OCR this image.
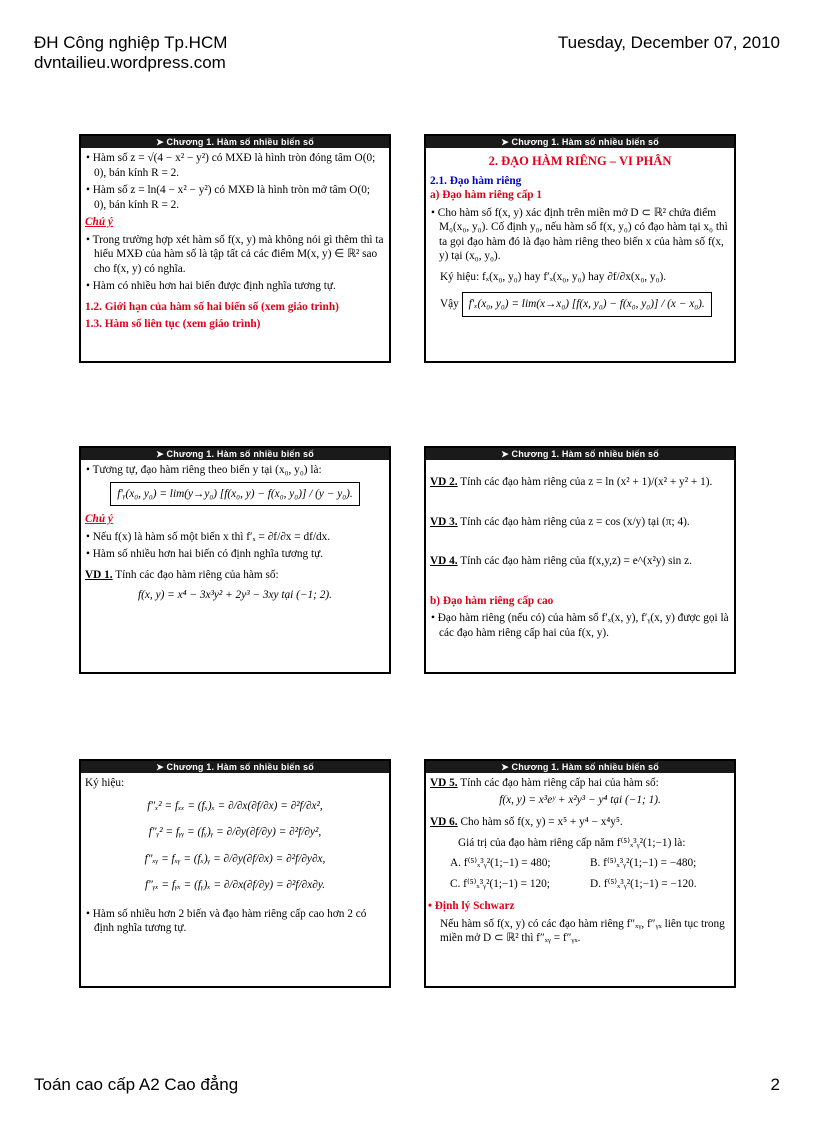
ĐH Công nghiệp Tp.HCM
dvntailieu.wordpress.com
Tuesday, December 07, 2010
➤ Chương 1. Hàm số nhiều biến số
• Hàm số z = √(4 − x² − y²) có MXĐ là hình tròn đóng tâm O(0; 0), bán kính R = 2.
• Hàm số z = ln(4 − x² − y²) có MXĐ là hình tròn mở tâm O(0; 0), bán kính R = 2.
Chú ý
• Trong trường hợp xét hàm số f(x, y) mà không nói gì thêm thì ta hiểu MXĐ của hàm số là tập tất cả các điểm M(x, y) ∈ ℝ² sao cho f(x, y) có nghĩa.
• Hàm có nhiều hơn hai biến được định nghĩa tương tự.
1.2. Giới hạn của hàm số hai biến số (xem giáo trình)
1.3. Hàm số liên tục (xem giáo trình)
➤ Chương 1. Hàm số nhiều biến số
2. ĐẠO HÀM RIÊNG – VI PHÂN
2.1. Đạo hàm riêng
a) Đạo hàm riêng cấp 1
• Cho hàm số f(x, y) xác định trên miền mở D ⊂ ℝ² chứa điểm M₀(x₀, y₀). Cố định y₀, nếu hàm số f(x, y₀) có đạo hàm tại x₀ thì ta gọi đạo hàm đó là đạo hàm riêng theo biến x của hàm số f(x, y) tại (x₀, y₀).
Ký hiệu: fₓ(x₀, y₀) hay f′ₓ(x₀, y₀) hay ∂f/∂x(x₀, y₀).
Vậy f′ₓ(x₀, y₀) = lim(x→x₀) [f(x, y₀) − f(x₀, y₀)] / (x − x₀).
➤ Chương 1. Hàm số nhiều biến số
• Tương tự, đạo hàm riêng theo biến y tại (x₀, y₀) là:
f′ᵧ(x₀, y₀) = lim(y→y₀) [f(x₀, y) − f(x₀, y₀)] / (y − y₀).
Chú ý
• Nếu f(x) là hàm số một biến x thì f′ₓ = ∂f/∂x = df/dx.
• Hàm số nhiều hơn hai biến có định nghĩa tương tự.
VD 1. Tính các đạo hàm riêng của hàm số:
f(x, y) = x⁴ − 3x³y² + 2y³ − 3xy tại (−1; 2).
➤ Chương 1. Hàm số nhiều biến số
VD 2. Tính các đạo hàm riêng của z = ln (x² + 1)/(x² + y² + 1).
VD 3. Tính các đạo hàm riêng của z = cos (x/y) tại (π; 4).
VD 4. Tính các đạo hàm riêng của f(x,y,z) = e^(x²y) sin z.
b) Đạo hàm riêng cấp cao
• Đạo hàm riêng (nếu có) của hàm số f′ₓ(x, y), f′ᵧ(x, y) được gọi là các đạo hàm riêng cấp hai của f(x, y).
➤ Chương 1. Hàm số nhiều biến số
Ký hiệu:
f″ₓ² = fₓₓ = (fₓ)ₓ = ∂/∂x(∂f/∂x) = ∂²f/∂x²,
f″ᵧ² = fᵧᵧ = (fᵧ)ᵧ = ∂/∂y(∂f/∂y) = ∂²f/∂y²,
f″ₓᵧ = fₓᵧ = (fₓ)ᵧ = ∂/∂y(∂f/∂x) = ∂²f/∂y∂x,
f″ᵧₓ = fᵧₓ = (fᵧ)ₓ = ∂/∂x(∂f/∂y) = ∂²f/∂x∂y.
• Hàm số nhiều hơn 2 biến và đạo hàm riêng cấp cao hơn 2 có định nghĩa tương tự.
➤ Chương 1. Hàm số nhiều biến số
VD 5. Tính các đạo hàm riêng cấp hai của hàm số:
f(x, y) = x³eʸ + x²y³ − y⁴ tại (−1; 1).
VD 6. Cho hàm số f(x, y) = x⁵ + y⁴ − x⁴y⁵.
Giá trị của đạo hàm riêng cấp năm f⁽⁵⁾ₓ³ᵧ²(1;−1) là:
A. f⁽⁵⁾ₓ³ᵧ²(1;−1) = 480;	B. f⁽⁵⁾ₓ³ᵧ²(1;−1) = −480;
C. f⁽⁵⁾ₓ³ᵧ²(1;−1) = 120;	D. f⁽⁵⁾ₓ³ᵧ²(1;−1) = −120.
• Định lý Schwarz
Nếu hàm số f(x, y) có các đạo hàm riêng f″ₓᵧ, f″ᵧₓ liên tục trong miền mở D ⊂ ℝ² thì f″ₓᵧ = f″ᵧₓ.
Toán cao cấp A2 Cao đẳng	2
